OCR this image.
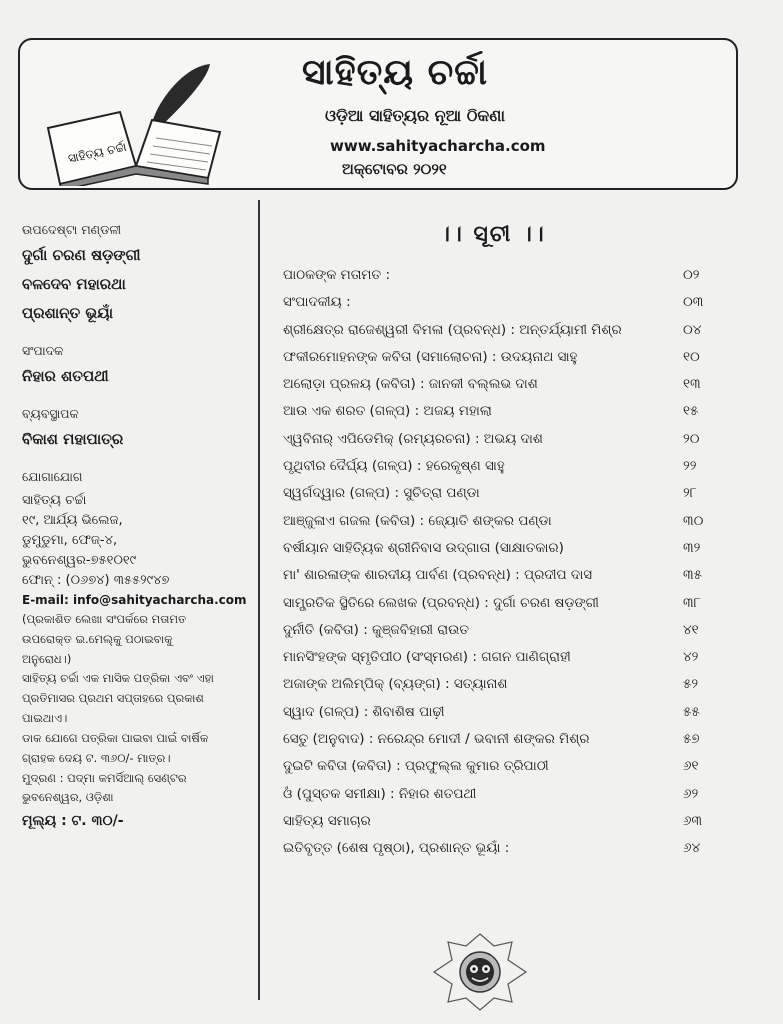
ସାହିତ୍ୟ ଚର୍ଚ୍ଚା
ସାହିତ୍ୟ ଚର୍ଚ୍ଚା
ଓଡ଼ିଆ ସାହିତ୍ୟର ନୂଆ ଠିକଣା
www.sahityacharcha.com
ଅକ୍ଟୋବର ୨୦୨୧
ଉପଦେଷ୍ଟା ମଣ୍ଡଳୀ
ଦୁର୍ଗା ଚରଣ ଷଡ଼ଙ୍ଗୀ
ବଳଦେବ ମହାରଥା
ପ୍ରଶାନ୍ତ ଭୂୟାଁ
ସଂପାଦକ
ନିହାର ଶତପଥୀ
ବ୍ୟବସ୍ଥାପକ
ବିକାଶ ମହାପାତ୍ର
ଯୋଗାଯୋଗ
ସାହିତ୍ୟ ଚର୍ଚ୍ଚା
୧୯, ଆର୍ଯ୍ୟ ଭିଲେଜ,
ଡୁମୁଡୁମା, ଫେଜ୍-୪,
ଭୁବନେଶ୍ୱର-୭୫୧୦୧୯
ଫୋନ୍ : (୦୬୭୪) ୩୫୫୨୯୪୭
E-mail: info@sahityacharcha.com
(ପ୍ରକାଶିତ ଲେଖା ସଂପର୍କରେ ମତାମତ
ଉପରୋକ୍ତ ଇ.ମେଲ୍‌କୁ ପଠାଇବାକୁ
ଅନୁରୋଧ।)
ସାହିତ୍ୟ ଚର୍ଚ୍ଚା ଏକ ମାସିକ ପତ୍ରିକା ଏବଂ ଏହା
ପ୍ରତିମାସର ପ୍ରଥମ ସପ୍ତାହରେ ପ୍ରକାଶ
ପାଇଥାଏ।
ଡାକ ଯୋଗେ ପତ୍ରିକା ପାଇବା ପାଇଁ ବାର୍ଷିକ
ଗ୍ରାହକ ଦେୟ ଟ. ୩୬୦/- ମାତ୍ର।
ମୁଦ୍ରଣ : ପଦ୍ମା କମର୍ସିଆଲ୍ ସେଣ୍ଟର
ଭୁବନେଶ୍ୱର, ଓଡ଼ିଶା
ମୂଲ୍ୟ : ଟ. ୩୦/-
।। ସୂଚୀ ।।
ପାଠକଙ୍କ ମତାମତ :	୦୨
ସଂପାଦକୀୟ :	୦୩
ଶ୍ରୀକ୍ଷେତ୍ର ରାଜେଶ୍ୱରୀ ବିମଳା (ପ୍ରବନ୍ଧ) : ଅନ୍ତର୍ଯ୍ୟାମୀ ମିଶ୍ର	୦୪
ଫକୀରମୋହନଙ୍କ କବିତା (ସମାଲୋଚନା) : ଉଦୟନାଥ ସାହୁ	୧୦
ଅଲୋଡ଼ା ପ୍ରଳୟ (କବିତା) : ଜାନକୀ ବଲ୍ଲଭ ଦାଶ	୧୩
ଆଉ ଏକ ଶରତ (ଗଳ୍ପ) : ଅଜୟ ମହାଲା	୧୫
ଏ୍ୱବିନାର୍ ଏପିଡେମିକ୍ (ରମ୍ୟରଚନା) : ଅଭୟ ଦାଶ	୨୦
ପୃଥିବୀର ଦୈର୍ଘ୍ୟ (ଗଳ୍ପ) : ହରେକୃଷ୍ଣ ସାହୁ	୨୨
ସ୍ୱର୍ଗଦ୍ୱାର (ଗଳ୍ପ) : ସୁଚିତ୍ରା ପଣ୍ଡା	୨୮
ଆଞ୍ଜୁଳାଏ ଗଜଲ (କବିତା) : ଜ୍ୟୋତି ଶଙ୍କର ପଣ୍ଡା	୩୦
ବର୍ଷୀୟାନ ସାହିତ୍ୟିକ ଶ୍ରୀନିବାସ ଉଦ୍‌ଗାତା (ସାକ୍ଷାତକାର)	୩୨
ମା' ଶାରଳାଙ୍କ ଶାରଦୀୟ ପାର୍ବଣ (ପ୍ରବନ୍ଧ) : ପ୍ରଦୀପ ଦାସ	୩୫
ସାମ୍ପ୍ରତିକ ସ୍ଥିତିରେ ଲେଖକ (ପ୍ରବନ୍ଧ) : ଦୁର୍ଗା ଚରଣ ଷଡ଼ଙ୍ଗୀ	୩୮
ଦୁର୍ନୀତି (କବିତା) : କୁଞ୍ଜବିହାରୀ ରାଉତ	୪୧
ମାନସିଂହଙ୍କ ସ୍ମୃତିପୀଠ (ସଂସ୍ମରଣ) : ଗଗନ ପାଣିଗ୍ରାହୀ	୪୨
ଅଜାଙ୍କ ଅଲିମ୍ପିକ୍ (ବ୍ୟଙ୍ଗ) : ସତ୍ୟାନାଶ	୫୨
ସ୍ୱାଦ (ଗଳ୍ପ) : ଶିବାଶିଷ ପାଢ଼ୀ	୫୫
ସେତୁ (ଅନୁବାଦ) : ନରେନ୍ଦ୍ର ମୋଦୀ / ଭବାନୀ ଶଙ୍କର ମିଶ୍ର	୫୭
ଦୁଇଟି କବିତା (କବିତା) : ପ୍ରଫୁଲ୍ଲ କୁମାର ତ୍ରିପାଠୀ	୬୧
ଓଁ (ପୁସ୍ତକ ସମୀକ୍ଷା) : ନିହାର ଶତପଥୀ	୬୨
ସାହିତ୍ୟ ସମାଚାର	୬୩
ଇତିବୃତ୍ତ (ଶେଷ ପୃଷ୍ଠା), ପ୍ରଶାନ୍ତ ଭୂୟାଁ :	୬୪
